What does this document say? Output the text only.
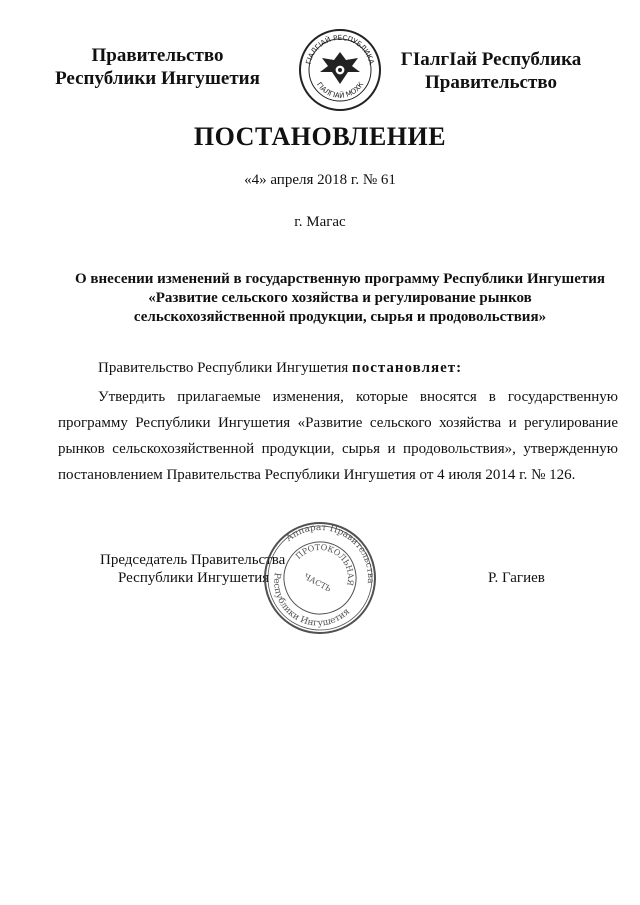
Правительство
Республики Ингушетия
ГIАЛГIАЙ РЕСПУБЛИКА
ГIАЛГIАЙ МОХК
ГIалгIай Республика
Правительство
ПОСТАНОВЛЕНИЕ
«4» апреля 2018 г. № 61
г. Магас
О внесении изменений в государственную программу Республики Ингушетия
«Развитие сельского хозяйства и регулирование рынков
сельскохозяйственной продукции, сырья и продовольствия»
Правительство Республики Ингушетия постановляет:
Утвердить прилагаемые изменения, которые вносятся в государственную программу Республики Ингушетия «Развитие сельского хозяйства и регулирование рынков сельскохозяйственной продукции, сырья и продовольствия», утвержденную постановлением Правительства Республики Ингушетия от 4 июля 2014 г. № 126.
Председатель Правительства
Республики Ингушетия	Р. Гагиев
Аппарат Правительства
Республики Ингушетия
ПРОТОКОЛЬНАЯ
ЧАСТЬ
